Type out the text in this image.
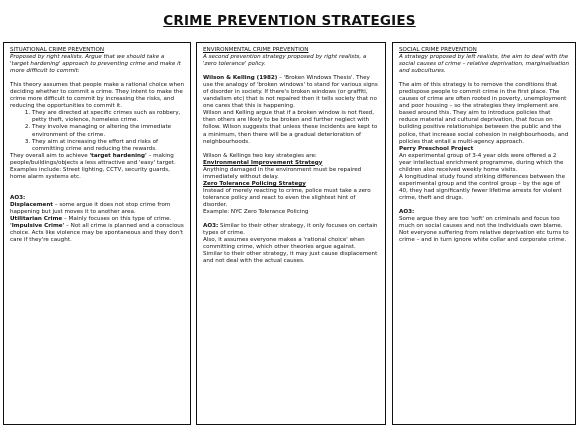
CRIME PREVENTION STRATEGIES

SITUATIONAL CRIME PREVENTION

Proposed by right realists. Argue that we should take a 'target hardening' approach to preventing crime and make it more difficult to commit:

This theory assumes that people make a rational choice when deciding whether to commit a crime. They intent to make the crime more difficult to commit by increasing the risks, and reducing the opportunities to commit it.

1. They are directed at specific crimes such as robbery, petty theft, violence, homeless crime.
2. They involve managing or altering the immediate environment of the crime.
3. They aim at increasing the effort and risks of committing crime and reducing the rewards.

They overall aim to achieve 'target hardening' – making people/buildings/objects a less attractive and 'easy' target.

Examples include: Street lighting, CCTV, security guards, home alarm systems etc.

AO3:

Displacement – some argue it does not stop crime from happening but just moves it to another area.

Utilitarian Crime – Mainly focuses on this type of crime.

'Impulsive Crime' – Not all crime is planned and a conscious choice. Acts like violence may be spontaneous and they don't care if they're caught.

ENVIRONMENTAL CRIME PREVENTION

A second prevention strategy proposed by right realists, a 'zero tolerance' policy.

Wilson & Kelling (1982) – 'Broken Windows Thesis'. They use the analogy of 'broken windows' to stand for various signs of disorder in society. If there's broken windows (or graffiti, vandalism etc) that is not repaired then it tells society that no one cares that this is happening.

Wilson and Kelling argue that if a broken window is not fixed, then others are likely to be broken and further neglect with follow. Wilson suggests that unless these incidents are kept to a minimum, then there will be a gradual deterioration of neighbourhoods.

Wilson & Kellings two key strategies are:

Environmental Improvement Strategy

Anything damaged in the environment must be repaired immediately without delay.

Zero Tolerance Policing Strategy

Instead of merely reacting to crime, police must take a zero tolerance policy and react to even the slightest hint of disorder.

Example: NYC Zero Tolerance Policing

AO3: Similar to their other strategy, it only focuses on certain types of crime.

Also, it assumes everyone makes a 'rational choice' when committing crime, which other theories argue against.

Similar to their other strategy, it may just cause displacement and not deal with the actual causes.

SOCIAL CRIME PREVENTION

A strategy proposed by left realists, the aim to deal with the social causes of crime – relative deprivation, marginalisation and subcultures.

The aim of this strategy is to remove the conditions that predispose people to commit crime in the first place. The causes of crime are often rooted in poverty, unemployment and poor housing – so the strategies they implement are based around this. They aim to introduce policies that reduce material and cultural deprivation, that focus on building positive relationships between the public and the police, that increase social cohesion in neighbourhoods, and policies that entail a multi-agency approach.

Perry Preschool Project

An experimental group of 3-4 year olds were offered a 2 year intellectual enrichment programme, during which the children also received weekly home visits.

A longitudinal study found striking differences between the experimental group and the control group – by the age of 40, they had significantly fewer lifetime arrests for violent crime, theft and drugs.

AO3:

Some argue they are too 'soft' on criminals and focus too much on social causes and not the individuals own blame.

Not everyone suffering from relative deprivation etc turns to crime – and in turn ignore white collar and corporate crime.
